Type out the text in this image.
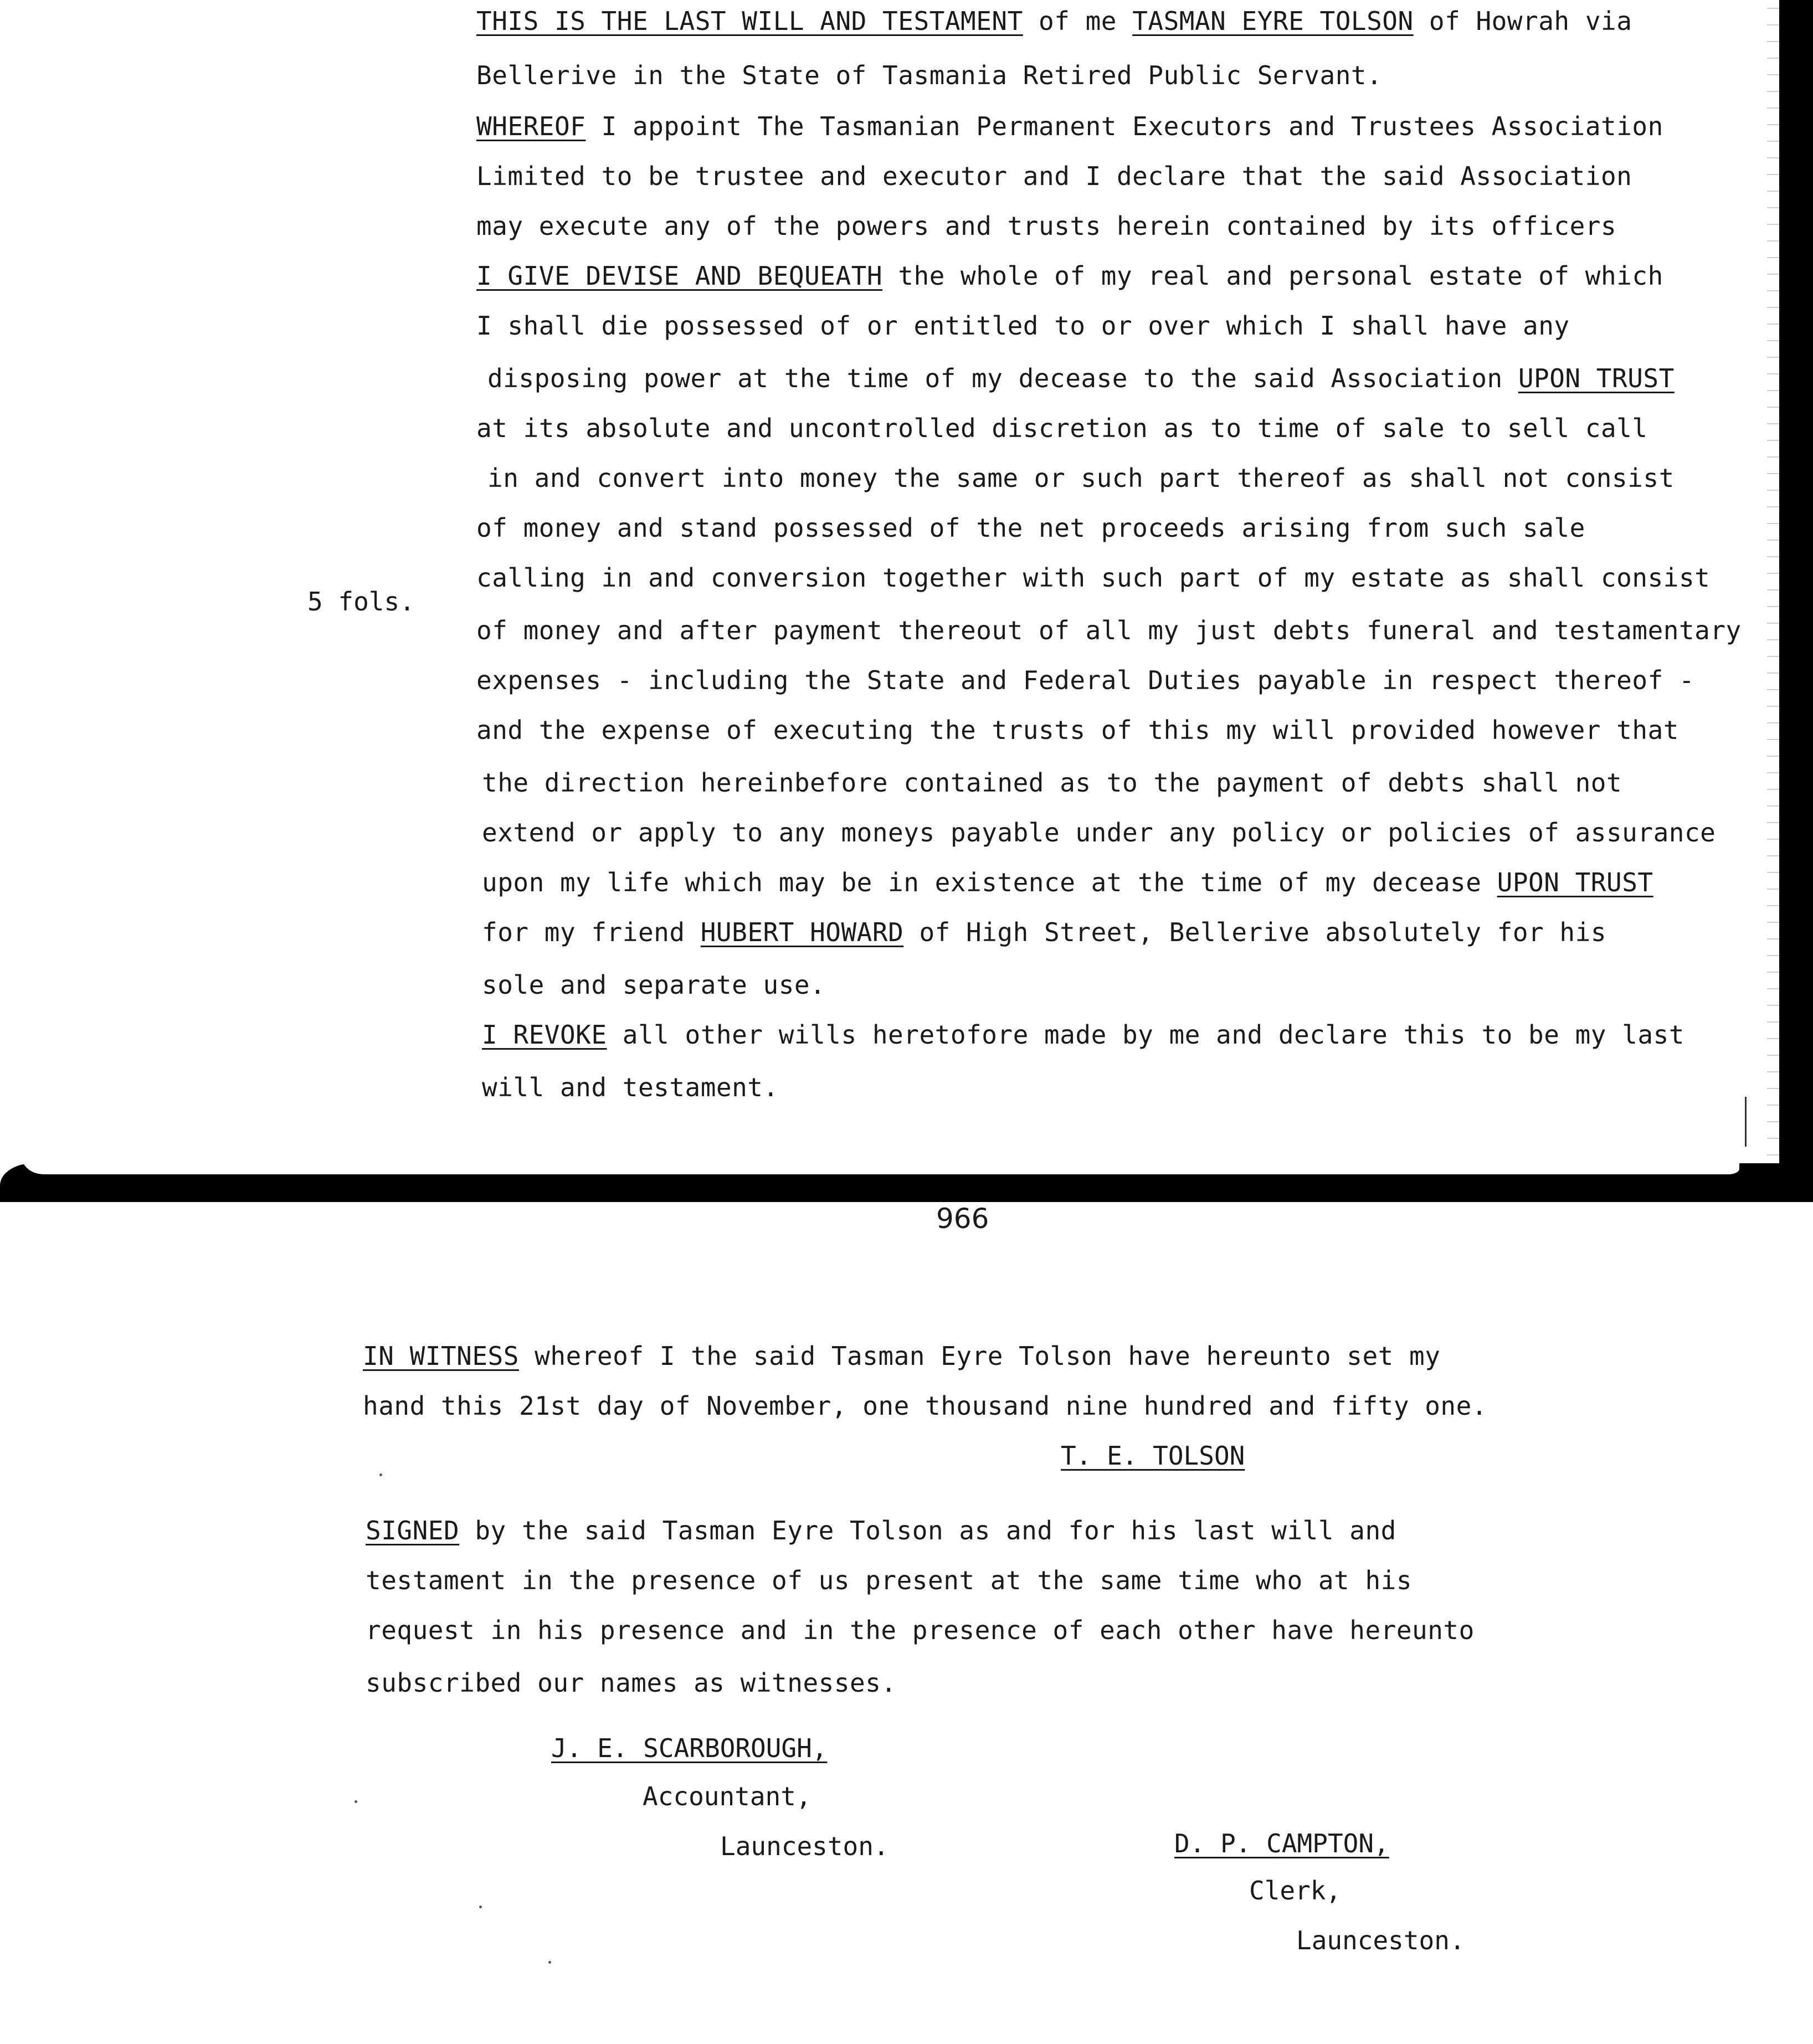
THIS IS THE LAST WILL AND TESTAMENT of me TASMAN EYRE TOLSON of Howrah via
Bellerive in the State of Tasmania Retired Public Servant.
WHEREOF I appoint The Tasmanian Permanent Executors and Trustees Association
Limited to be trustee and executor and I declare that the said Association
may execute any of the powers and trusts herein contained by its officers
I GIVE DEVISE AND BEQUEATH the whole of my real and personal estate of which
I shall die possessed of or entitled to or over which I shall have any
disposing power at the time of my decease to the said Association UPON TRUST
at its absolute and uncontrolled discretion as to time of sale to sell call
in and convert into money the same or such part thereof as shall not consist
of money and stand possessed of the net proceeds arising from such sale
calling in and conversion together with such part of my estate as shall consist
of money and after payment thereout of all my just debts funeral and testamentary
expenses - including the State and Federal Duties payable in respect thereof -
and the expense of executing the trusts of this my will provided however that
the direction hereinbefore contained as to the payment of debts shall not
extend or apply to any moneys payable under any policy or policies of assurance
upon my life which may be in existence at the time of my decease UPON TRUST
for my friend HUBERT HOWARD of High Street, Bellerive absolutely for his
sole and separate use.
I REVOKE all other wills heretofore made by me and declare this to be my last
will and testament.
5 fols.
966
IN WITNESS whereof I the said Tasman Eyre Tolson have hereunto set my
hand this 21st day of November, one thousand nine hundred and fifty one.
T. E. TOLSON
SIGNED by the said Tasman Eyre Tolson as and for his last will and
testament in the presence of us present at the same time who at his
request in his presence and in the presence of each other have hereunto
subscribed our names as witnesses.
J. E. SCARBOROUGH,
Accountant,
Launceston.	D. P. CAMPTON,
Clerk,
Launceston.
